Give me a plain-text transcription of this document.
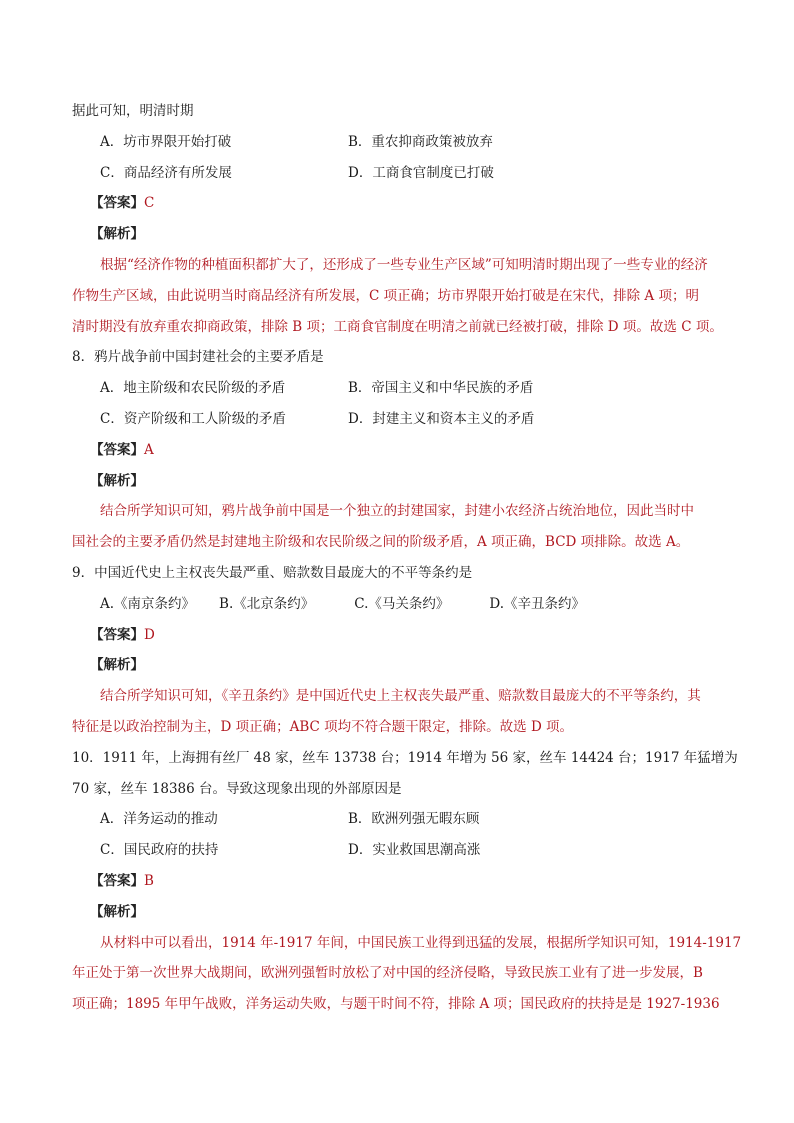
据此可知，明清时期
A．坊市界限开始打破	B．重农抑商政策被放弃
C．商品经济有所发展	D．工商食官制度已打破
【答案】C
【解析】
根据“经济作物的种植面积都扩大了，还形成了一些专业生产区域”可知明清时期出现了一些专业的经济
作物生产区域，由此说明当时商品经济有所发展，C 项正确；坊市界限开始打破是在宋代，排除 A 项；明
清时期没有放弃重农抑商政策，排除 B 项；工商食官制度在明清之前就已经被打破，排除 D 项。故选 C 项。
8．鸦片战争前中国封建社会的主要矛盾是
A．地主阶级和农民阶级的矛盾	B．帝国主义和中华民族的矛盾
C．资产阶级和工人阶级的矛盾	D．封建主义和资本主义的矛盾
【答案】A
【解析】
结合所学知识可知，鸦片战争前中国是一个独立的封建国家，封建小农经济占统治地位，因此当时中
国社会的主要矛盾仍然是封建地主阶级和农民阶级之间的阶级矛盾，A 项正确，BCD 项排除。故选 A。
9．中国近代史上主权丧失最严重、赔款数目最庞大的不平等条约是
A.《南京条约》 B.《北京条约》	C.《马关条约》	D.《辛丑条约》
【答案】D
【解析】
结合所学知识可知，《辛丑条约》是中国近代史上主权丧失最严重、赔款数目最庞大的不平等条约，其
特征是以政治控制为主，D 项正确；ABC 项均不符合题干限定，排除。故选 D 项。
10．1911 年，上海拥有丝厂 48 家，丝车 13738 台；1914 年增为 56 家，丝车 14424 台；1917 年猛增为
70 家，丝车 18386 台。导致这现象出现的外部原因是
A．洋务运动的推动	B．欧洲列强无暇东顾
C．国民政府的扶持	D．实业救国思潮高涨
【答案】B
【解析】
从材料中可以看出，1914 年-1917 年间，中国民族工业得到迅猛的发展，根据所学知识可知，1914-1917
年正处于第一次世界大战期间，欧洲列强暂时放松了对中国的经济侵略，导致民族工业有了进一步发展，B
项正确；1895 年甲午战败，洋务运动失败，与题干时间不符，排除 A 项；国民政府的扶持是是 1927-1936
